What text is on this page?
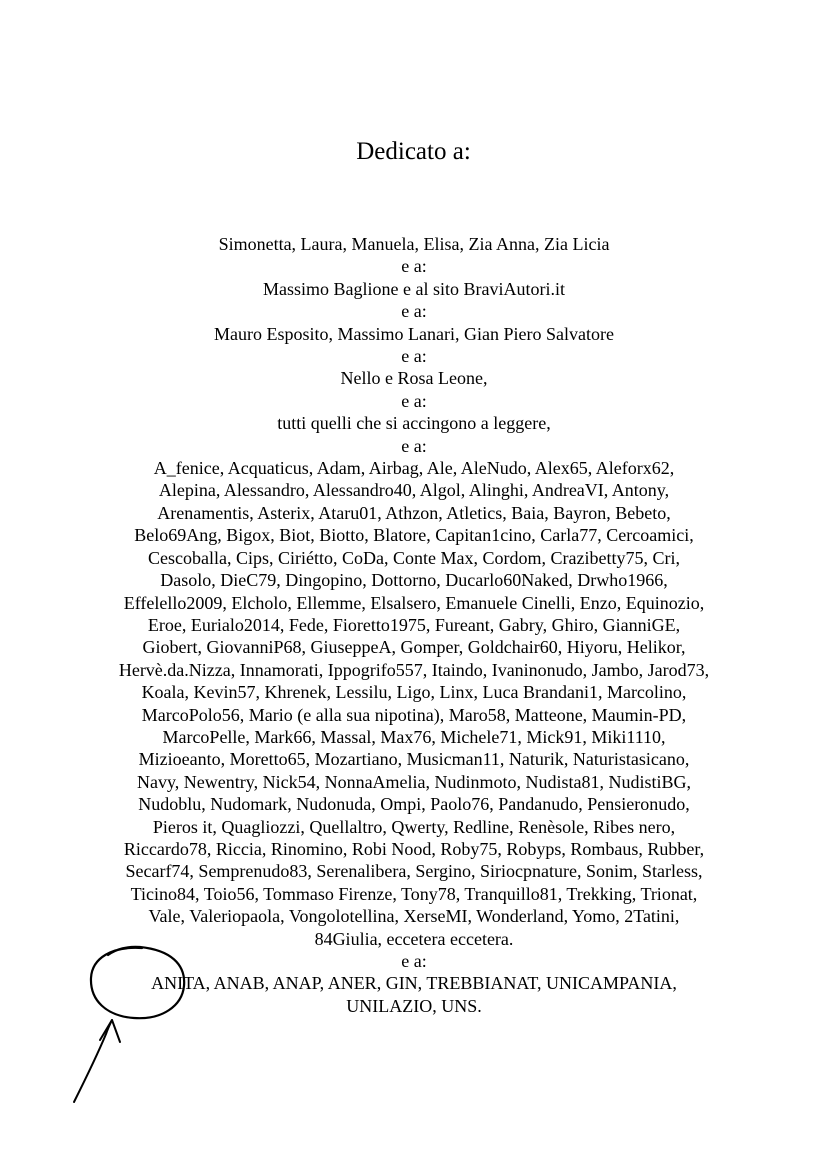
Dedicato a:
Simonetta, Laura, Manuela, Elisa, Zia Anna, Zia Licia
e a:
Massimo Baglione e al sito BraviAutori.it
e a:
Mauro Esposito, Massimo Lanari, Gian Piero Salvatore
e a:
Nello e Rosa Leone,
e a:
tutti quelli che si accingono a leggere,
e a:
A_fenice, Acquaticus, Adam, Airbag, Ale, AleNudo, Alex65, Aleforx62,
Alepina, Alessandro, Alessandro40, Algol, Alinghi, AndreaVI, Antony,
Arenamentis, Asterix, Ataru01, Athzon, Atletics, Baia, Bayron, Bebeto,
Belo69Ang, Bigox, Biot, Biotto, Blatore, Capitan1cino, Carla77, Cercoamici,
Cescoballa, Cips, Ciriétto, CoDa, Conte Max, Cordom, Crazibetty75, Cri,
Dasolo, DieC79, Dingopino, Dottorno, Ducarlo60Naked, Drwho1966,
Effelello2009, Elcholo, Ellemme, Elsalsero, Emanuele Cinelli, Enzo, Equinozio,
Eroe, Eurialo2014, Fede, Fioretto1975, Fureant, Gabry, Ghiro, GianniGE,
Giobert, GiovanniP68, GiuseppeA, Gomper, Goldchair60, Hiyoru, Helikor,
Hervè.da.Nizza, Innamorati, Ippogrifo557, Itaindo, Ivaninonudo, Jambo, Jarod73,
Koala, Kevin57, Khrenek, Lessilu, Ligo, Linx, Luca Brandani1, Marcolino,
MarcoPolo56, Mario (e alla sua nipotina), Maro58, Matteone, Maumin-PD,
MarcoPelle, Mark66, Massal, Max76, Michele71, Mick91, Miki1110,
Mizioeanto, Moretto65, Mozartiano, Musicman11, Naturik, Naturistasicano,
Navy, Newentry, Nick54, NonnaAmelia, Nudinmoto, Nudista81, NudistiBG,
Nudoblu, Nudomark, Nudonuda, Ompi, Paolo76, Pandanudo, Pensieronudo,
Pieros it, Quagliozzi, Quellaltro, Qwerty, Redline, Renèsole, Ribes nero,
Riccardo78, Riccia, Rinomino, Robi Nood, Roby75, Robyps, Rombaus, Rubber,
Secarf74, Semprenudo83, Serenalibera, Sergino, Siriocpnature, Sonim, Starless,
Ticino84, Toio56, Tommaso Firenze, Tony78, Tranquillo81, Trekking, Trionat,
Vale, Valeriopaola, Vongolotellina, XerseMI, Wonderland, Yomo, 2Tatini,
84Giulia, eccetera eccetera.
e a:
ANITA, ANAB, ANAP, ANER, GIN, TREBBIANAT, UNICAMPANIA,
UNILAZIO, UNS.
